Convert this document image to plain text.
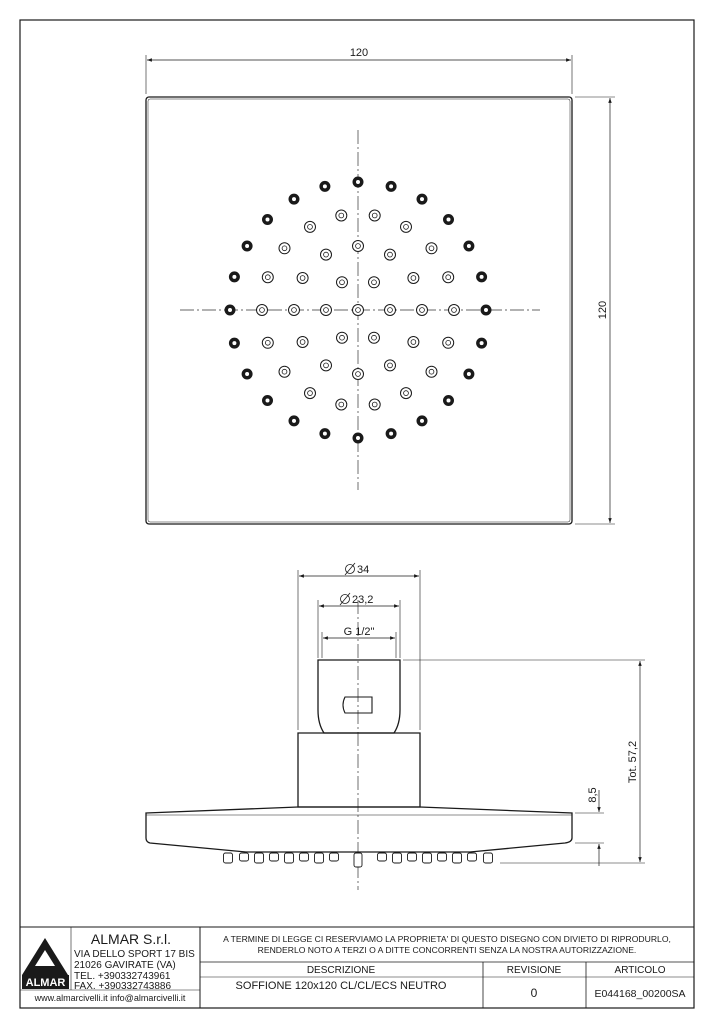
120
120
34
23,2
G 1/2"
Tot. 57,2
8,5
ALMAR
ALMAR S.r.l.
VIA DELLO SPORT 17 BIS
21026 GAVIRATE (VA)
TEL. +390332743961
FAX. +390332743886
www.almarcivelli.it info@almarcivelli.it
A TERMINE DI LEGGE CI RESERVIAMO LA PROPRIETA' DI QUESTO DISEGNO CON DIVIETO DI RIPRODURLO,
RENDERLO NOTO A TERZI O A DITTE CONCORRENTI SENZA LA NOSTRA AUTORIZZAZIONE.
DESCRIZIONE	REVISIONE	ARTICOLO
SOFFIONE 120x120 CL/CL/ECS NEUTRO	0	E044168_00200SA
